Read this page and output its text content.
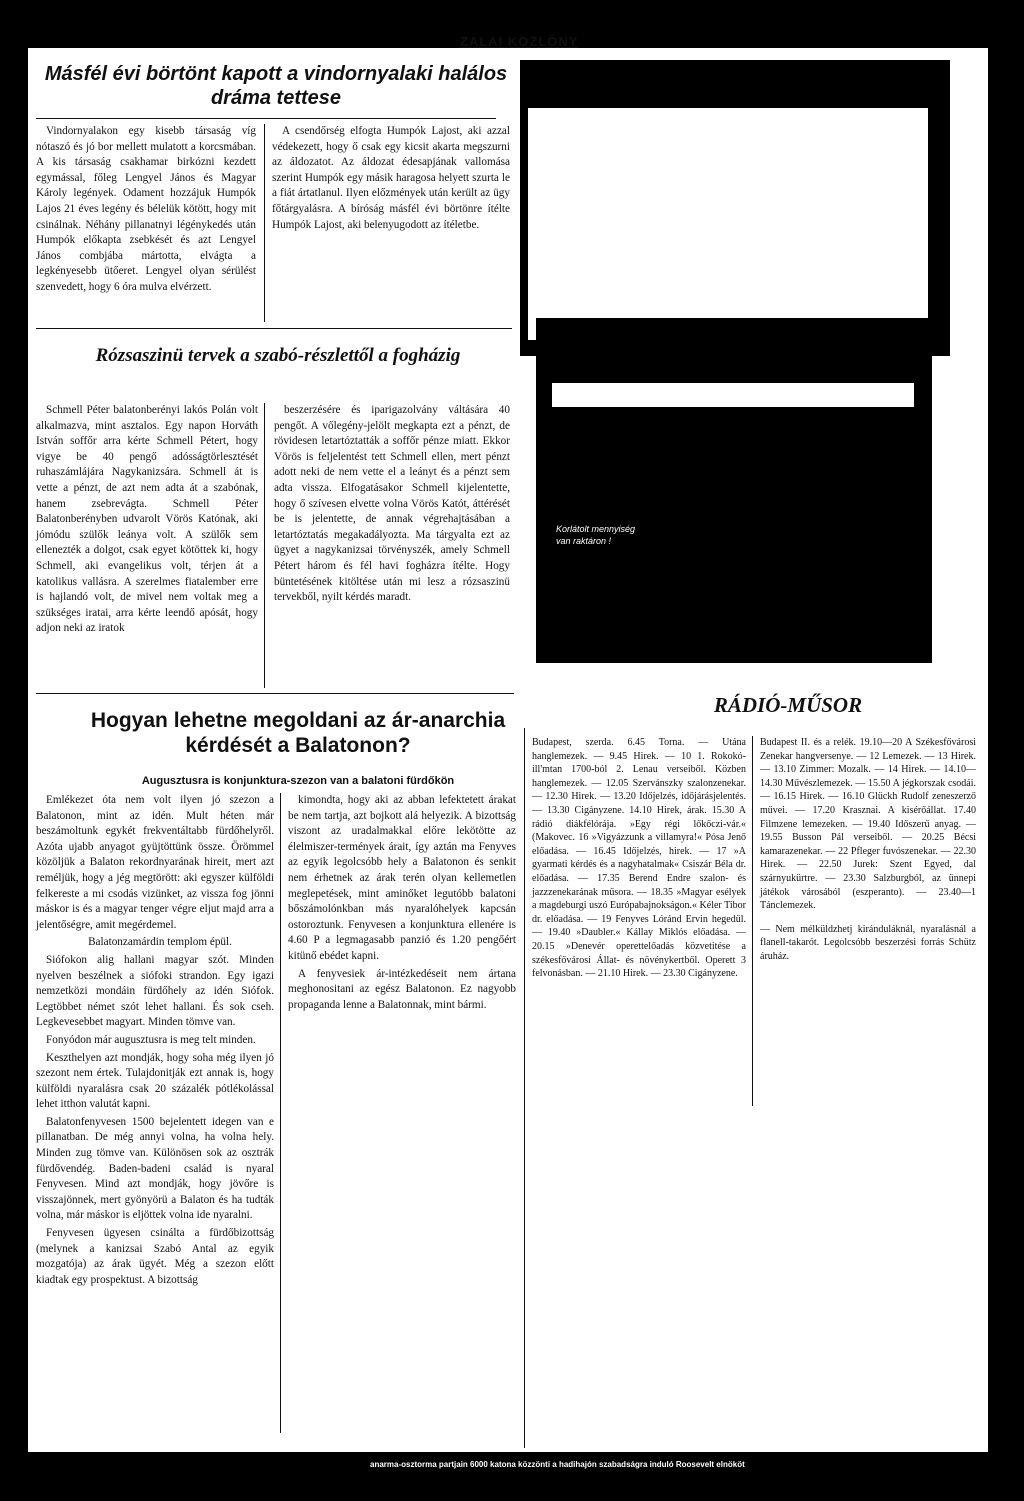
ZALAI KÖZLÖNY
Másfél évi börtönt kapott a vindornyalaki halálos dráma tettese

Vindornyalakon egy kisebb társaság víg nótaszó és jó bor mellett mulatott a korcsmában. A kis társaság csakhamar birkózni kezdett egymással, főleg Lengyel János és Magyar Károly legények. Odament hozzájuk Humpók Lajos 21 éves legény és bélelük kötött, hogy mit csinálnak. Néhány pillanatnyi légénykedés után Humpók előkapta zsebkését és azt Lengyel János combjába mártotta, elvágta a legkényesebb ütőeret. Lengyel olyan sérülést szenvedett, hogy 6 óra mulva elvérzett.

A csendőrség elfogta Humpók Lajost, aki azzal védekezett, hogy ő csak egy kicsit akarta megszurni az áldozatot. Az áldozat édesapjának vallomása szerint Humpók egy másik haragosa helyett szurta le a fiát ártatlanul. Ilyen előzmények után került az ügy főtárgyalásra. A bíróság másfél évi börtönre ítélte Humpók Lajost, aki belenyugodott az ítéletbe.

Rózsaszinü tervek a szabó-részlettől a fogházig

Schmell Péter balatonberényi lakós Polán volt alkalmazva, mint asztalos. Egy napon Horváth István soffőr arra kérte Schmell Pétert, hogy vigye be 40 pengő adósságtörlesztését ruhaszámlájára Nagykanizsára. Schmell át is vette a pénzt, de azt nem adta át a szabónak, hanem zsebrevágta. Schmell Péter Balatonberényben udvarolt Vörös Katónak, aki jómódu szülők leánya volt. A szülők sem ellenezték a dolgot, csak egyet kötöttek ki, hogy Schmell, aki evangelikus volt, térjen át a katolikus vallásra. A szerelmes fiatalember erre is hajlandó volt, de mivel nem voltak meg a szükséges iratai, arra kérte leendő apósát, hogy adjon neki az iratok

beszerzésére és iparigazolvány váltására 40 pengőt. A vőlegény-jelölt megkapta ezt a pénzt, de rövidesen letartóztatták a soffőr pénze miatt. Ekkor Vörös is feljelentést tett Schmell ellen, mert pénzt adott neki de nem vette el a leányt és a pénzt sem adta vissza. Elfogatásakor Schmell kijelentette, hogy ő szívesen elvette volna Vörös Katót, áttérését be is jelentette, de annak végrehajtásában a letartóztatás megakadályozta. Ma tárgyalta ezt az ügyet a nagykanizsai törvényszék, amely Schmell Pétert három és fél havi fogházra ítélte. Hogy büntetésének kitöltése után mi lesz a rózsaszinü tervekből, nyilt kérdés maradt.

Korlátolt mennyiség
van raktáron !
Hogyan lehetne megoldani az ár-anarchia kérdését a Balatonon?
Augusztusra is konjunktura-szezon van a balatoni fürdőkön

Emlékezet óta nem volt ilyen jó szezon a Balatonon, mint az idén. Mult héten már beszámoltunk egykét frekventáltabb fürdőhelyről. Azóta ujabb anyagot gyüjtöttünk össze. Örömmel közöljük a Balaton rekordnyarának hireit, mert azt reméljük, hogy a jég megtörött: aki egyszer külföldi felkereste a mi csodás vizünket, az vissza fog jönni máskor is és a magyar tenger végre eljut majd arra a jelentőségre, amit megérdemel.

Balatonzamárdin templom épül.

Siófokon alig hallani magyar szót. Minden nyelven beszélnek a siófoki strandon. Egy igazi nemzetközi mondáin fürdőhely az idén Siófok. Legtöbbet német szót lehet hallani. És sok cseh. Legkevesebbet magyart. Minden tömve van.

Fonyódon már augusztusra is meg telt minden.

Keszthelyen azt mondják, hogy soha még ilyen jó szezont nem értek. Tulajdonitják ezt annak is, hogy külföldi nyaralásra csak 20 százalék pótlékolással lehet itthon valutát kapni.

Balatonfenyvesen 1500 bejelentett idegen van e pillanatban. De még annyi volna, ha volna hely. Minden zug tömve van. Különösen sok az osztrák fürdővendég. Baden-badeni család is nyaral Fenyvesen. Mind azt mondják, hogy jövőre is visszajönnek, mert gyönyörü a Balaton és ha tudták volna, már máskor is eljöttek volna ide nyaralni.

Fenyvesen ügyesen csinálta a fürdőbizottság (melynek a kanizsai Szabó Antal az egyik mozgatója) az árak ügyét. Még a szezon előtt kiadtak egy prospektust. A bizottság

kimondta, hogy aki az abban lefektetett árakat be nem tartja, azt bojkott alá helyezik. A bizottság viszont az uradalmakkal előre lekötötte az élelmiszer-termények árait, így aztán ma Fenyves az egyik legolcsóbb hely a Balatonon és senkit nem érhetnek az árak terén olyan kellemetlen meglepetések, mint aminőket legutóbb balatoni bőszámolónkban más nyaralóhelyek kapcsán ostoroztunk. Fenyvesen a konjunktura ellenére is 4.60 P a legmagasabb panzió és 1.20 pengőért kitünő ebédet kapni.

A fenyvesiek ár-intézkedéseit nem ártana meghonositani az egész Balatonon. Ez nagyobb propaganda lenne a Balatonnak, mint bármi.

RÁDIÓ-MŰSOR

Budapest, szerda. 6.45 Torna. — Utána hanglemezek. — 9.45 Hirek. — 10 1. Rokokó-ill'mtan 1700-ból 2. Lenau verseiből. Közben hanglemezek. — 12.05 Szervánszky szalonzenekar. — 12.30 Hirek. — 13.20 Időjelzés, időjárásjelentés. — 13.30 Cigányzene. 14.10 Hirek, árak. 15.30 A rádió diákfélórája. »Egy régi lőkőczi-vár.« (Makovec. 16 »Vigyázzunk a villamyra!« Pósa Jenő előadása. — 16.45 Időjelzés, hirek. — 17 »A gyarmati kérdés és a nagyhatalmak« Csiszár Béla dr. előadása. — 17.35 Berend Endre szalon- és jazzzenekarának műsora. — 18.35 »Magyar esélyek a magdeburgi uszó Európabajnokságon.« Kéler Tibor dr. előadása. — 19 Fenyves Lóránd Ervin hegedül. — 19.40 »Daubler.« Kállay Miklós előadása. — 20.15 »Denevér operettelőadás közvetitése a székesfővárosi Állat- és növénykertből. Operett 3 felvonásban. — 21.10 Hirek. — 23.30 Cigányzene.

Budapest II. és a relék. 19.10—20 A Székesfővárosi Zenekar hangversenye. — 12 Lemezek. — 13 Hirek. — 13.10 Zimmer: Mozalk. — 14 Hirek. — 14.10—14.30 Művészlemezek. — 15.50 A jégkorszak csodái. — 16.15 Hirek. — 16.10 Glückh Rudolf zeneszerző művei. — 17.20 Krasznai. A kisérőállat. 17.40 Filmzene lemezeken. — 19.40 Időszerű anyag. — 19.55 Busson Pál verseiből. — 20.25 Bécsi kamarazenekar. — 22 Pfleger fuvószenekar. — 22.30 Hirek. — 22.50 Jurek: Szent Egyed, dal szárnyukürtre. — 23.30 Salzburgból, az ünnepi játékok városából (eszperanto). — 23.40—1 Tánclemezek.

— Nem mélküldzhetj kiránduláknál, nyaralásnál a flanell-takarót. Legolcsóbb beszerzési forrás Schütz áruház.

anarma-osztorma partjain 6000 katona közzönti a hadihajón szabadságra induló Roosevelt elnököt
